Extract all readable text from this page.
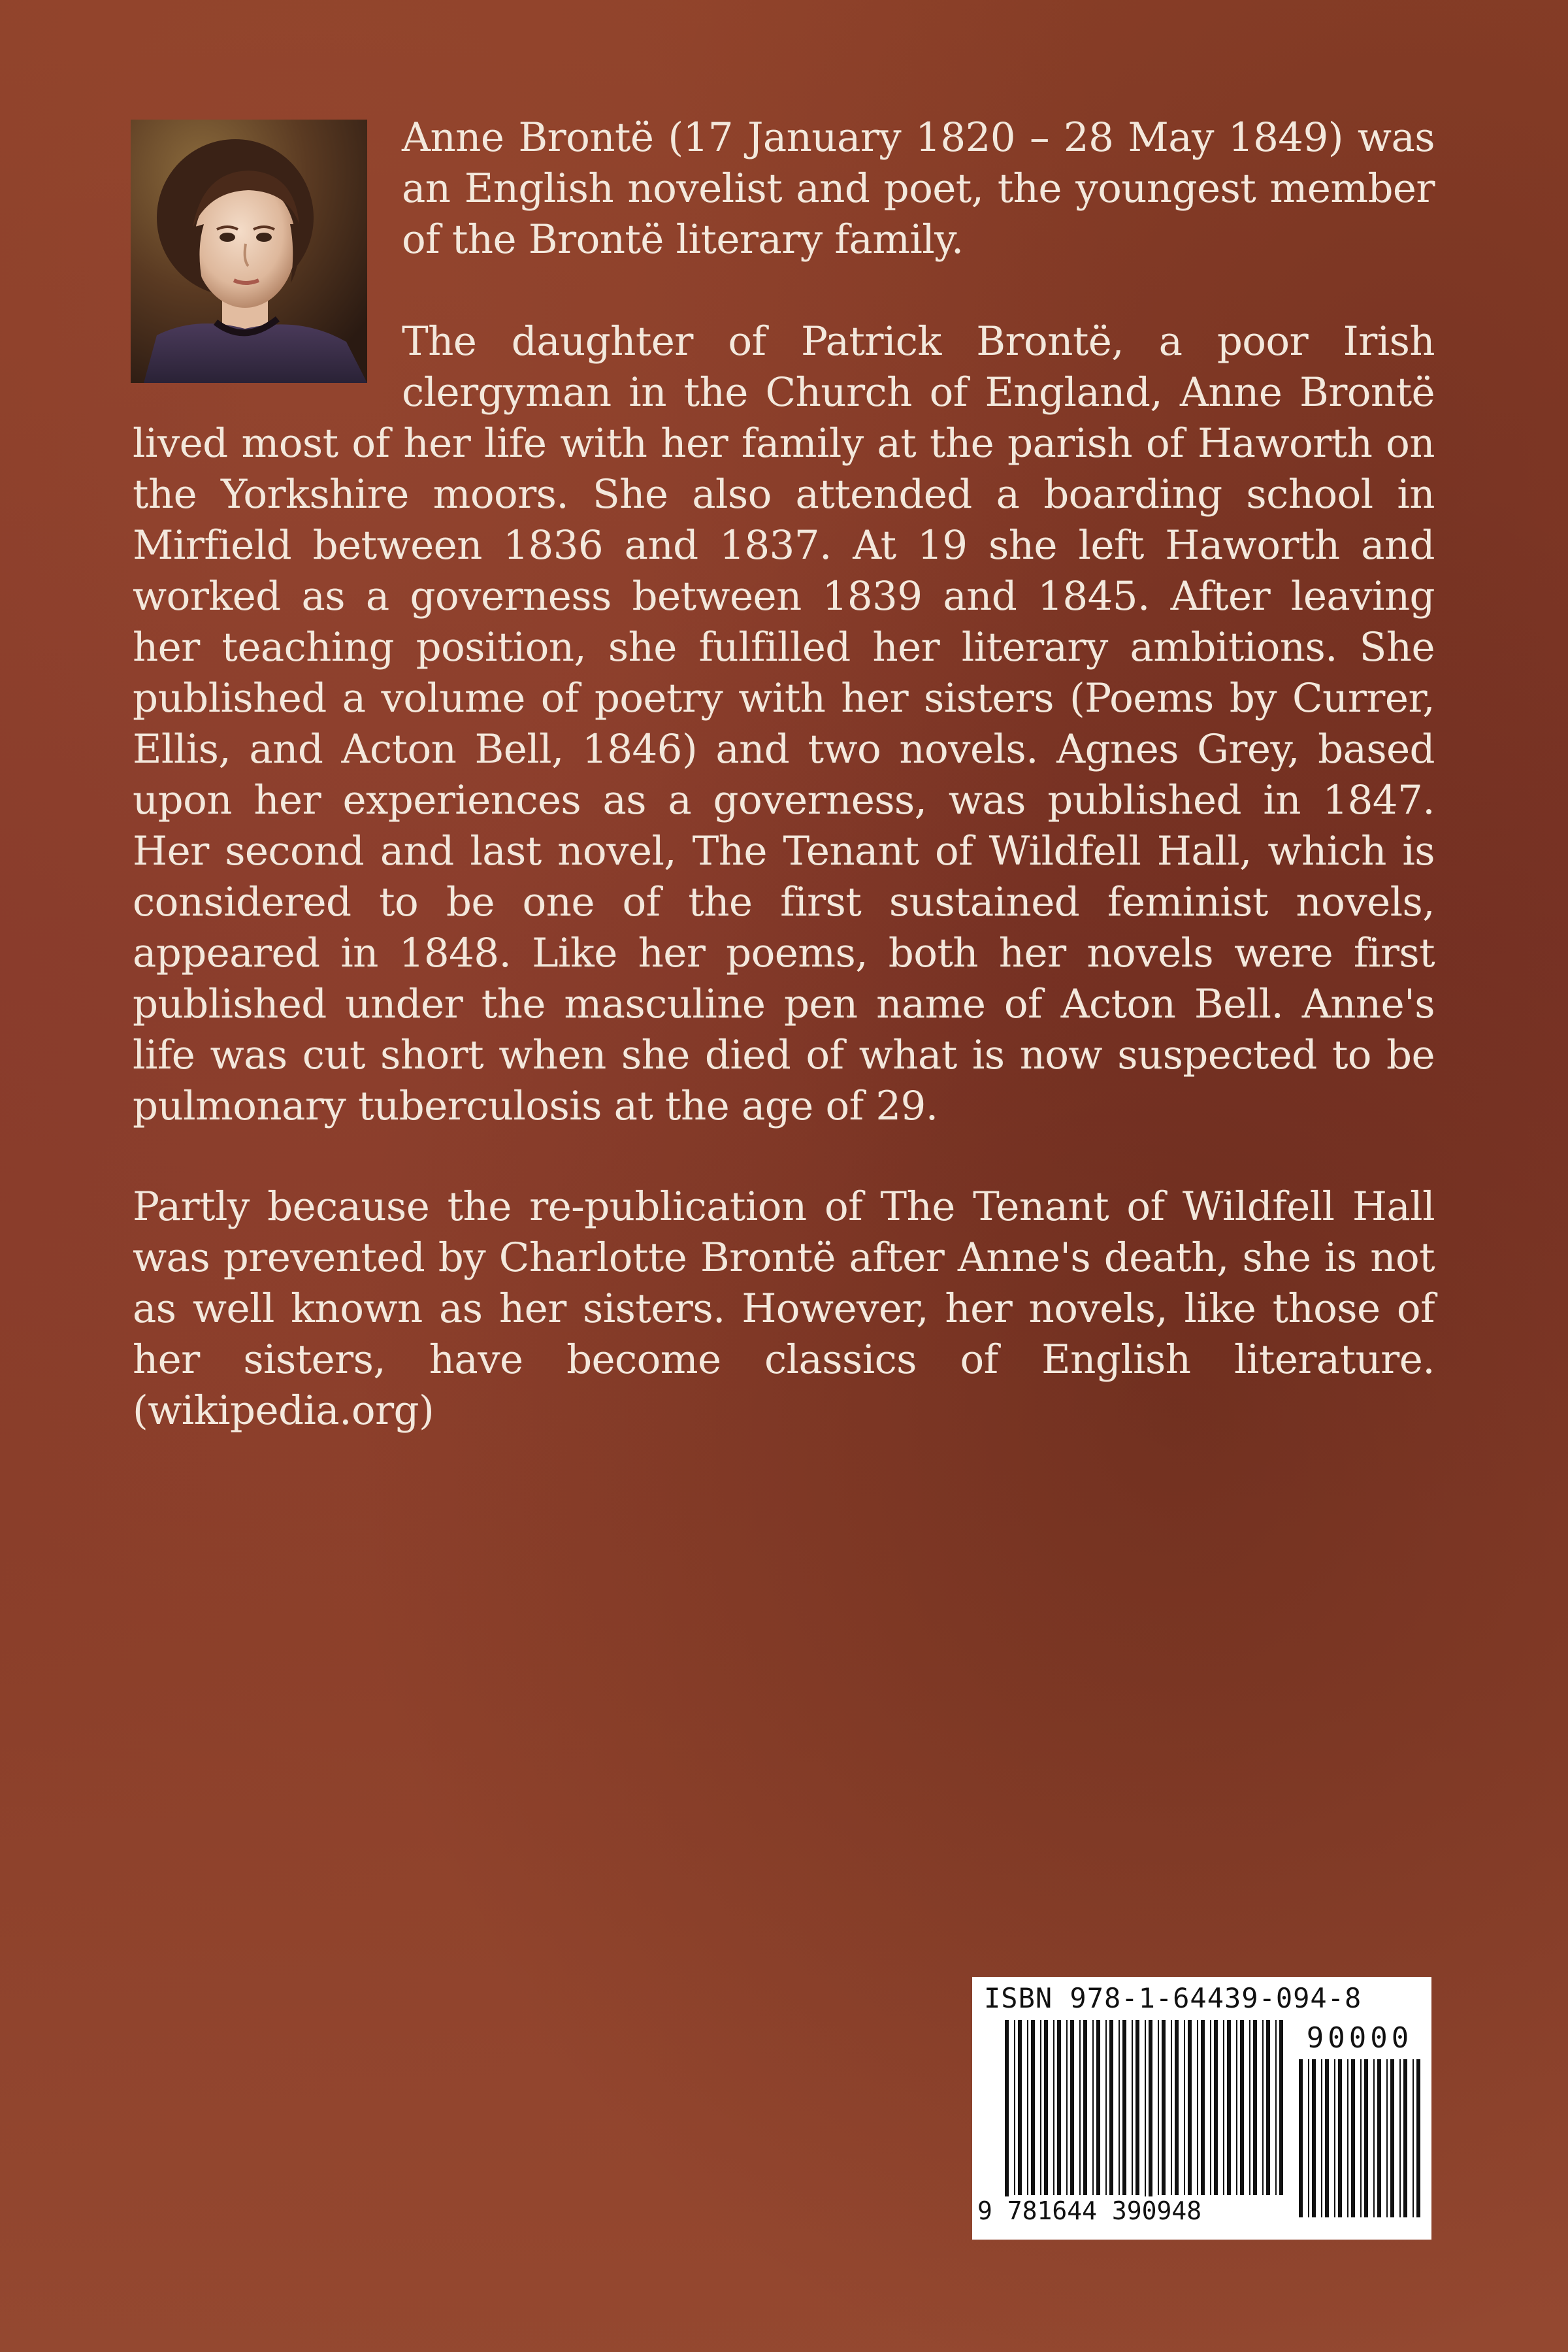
Anne Brontë (17 January 1820 – 28 May 1849) was an English novelist and poet, the youngest member of the Brontë literary family.

The daughter of Patrick Brontë, a poor Irish clergyman in the Church of England, Anne Brontë lived most of her life with her family at the parish of Haworth on the Yorkshire moors. She also attended a boarding school in Mirfield between 1836 and 1837. At 19 she left Haworth and worked as a governess between 1839 and 1845. After leaving her teaching position, she fulfilled her literary ambitions. She published a volume of poetry with her sisters (Poems by Currer, Ellis, and Acton Bell, 1846) and two novels. Agnes Grey, based upon her experiences as a governess, was published in 1847. Her second and last novel, The Tenant of Wildfell Hall, which is considered to be one of the first sustained feminist novels, appeared in 1848. Like her poems, both her novels were first published under the masculine pen name of Acton Bell. Anne's life was cut short when she died of what is now suspected to be pulmonary tuberculosis at the age of 29.

Partly because the re-publication of The Tenant of Wildfell Hall was prevented by Charlotte Brontë after Anne's death, she is not as well known as her sisters. However, her novels, like those of her sisters, have become classics of English literature. (wikipedia.org)

ISBN 978-1-64439-094-8
90000
9 781644 390948
